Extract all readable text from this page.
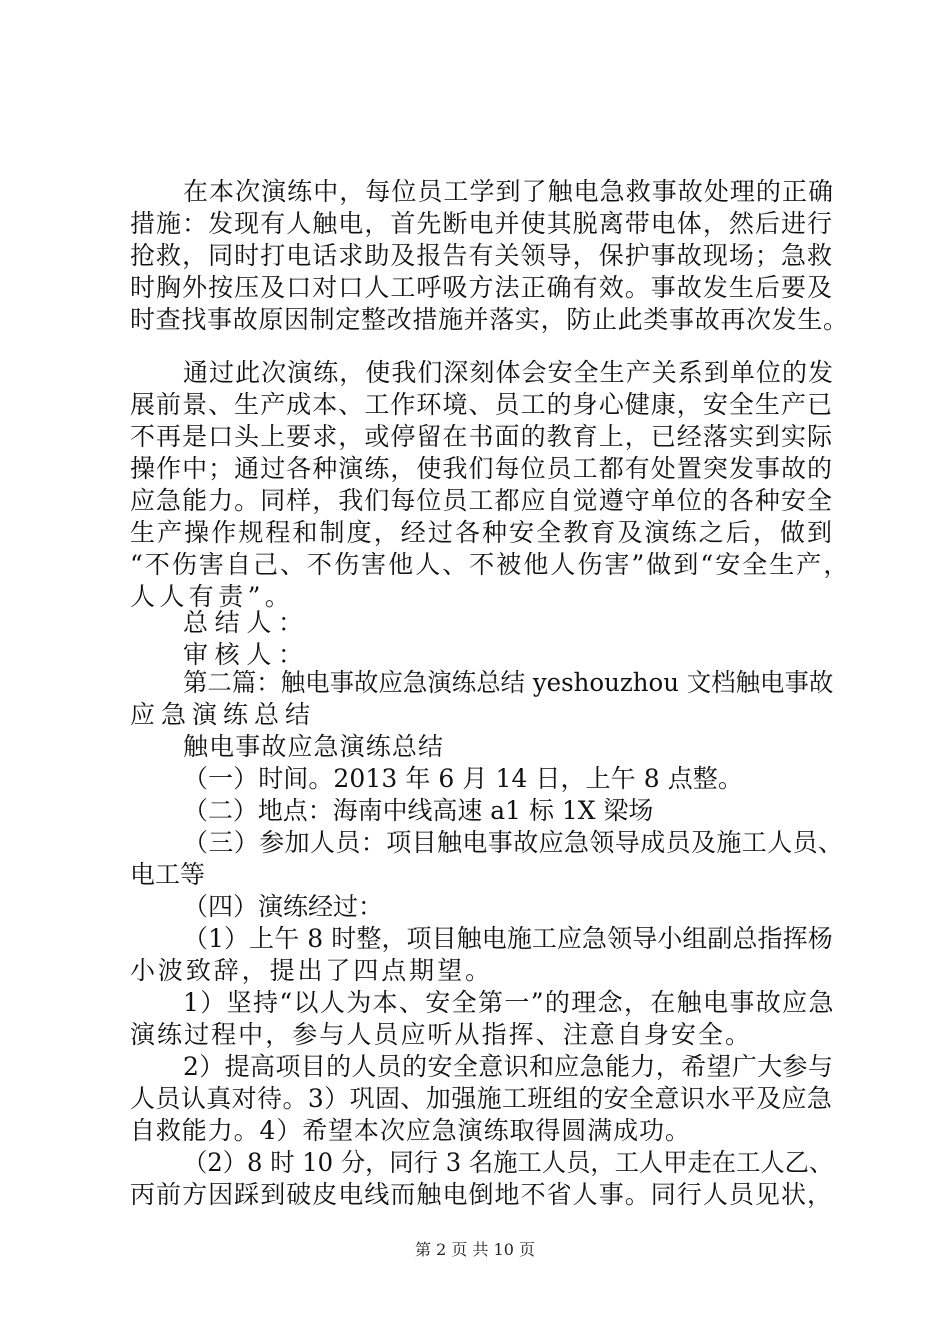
在本次演练中，每位员工学到了触电急救事故处理的正确
措施：发现有人触电，首先断电并使其脱离带电体，然后进行
抢救，同时打电话求助及报告有关领导，保护事故现场；急救
时胸外按压及口对口人工呼吸方法正确有效。事故发生后要及
时查找事故原因制定整改措施并落实，防止此类事故再次发生。
通过此次演练，使我们深刻体会安全生产关系到单位的发
展前景、生产成本、工作环境、员工的身心健康，安全生产已
不再是口头上要求，或停留在书面的教育上，已经落实到实际
操作中；通过各种演练，使我们每位员工都有处置突发事故的
应急能力。同样，我们每位员工都应自觉遵守单位的各种安全
生产操作规程和制度，经过各种安全教育及演练之后，做到
“不伤害自己、不伤害他人、不被他人伤害”做到“安全生产，
人人有责”。
总结人：
审核人：
第二篇：触电事故应急演练总结 yeshouzhou 文档触电事故
应急演练总结
触电事故应急演练总结
（一）时间。2013 年 6 月 14 日，上午 8 点整。
（二）地点：海南中线高速 a1 标 1X 梁场
（三）参加人员：项目触电事故应急领导成员及施工人员、
电工等
（四）演练经过：
（1）上午 8 时整，项目触电施工应急领导小组副总指挥杨
小波致辞，提出了四点期望。
1）坚持“以人为本、安全第一”的理念，在触电事故应急
演练过程中，参与人员应听从指挥、注意自身安全。
2）提高项目的人员的安全意识和应急能力，希望广大参与
人员认真对待。3）巩固、加强施工班组的安全意识水平及应急
自救能力。4）希望本次应急演练取得圆满成功。
（2）8 时 10 分，同行 3 名施工人员，工人甲走在工人乙、
丙前方因踩到破皮电线而触电倒地不省人事。同行人员见状，
第 2 页 共 10 页
